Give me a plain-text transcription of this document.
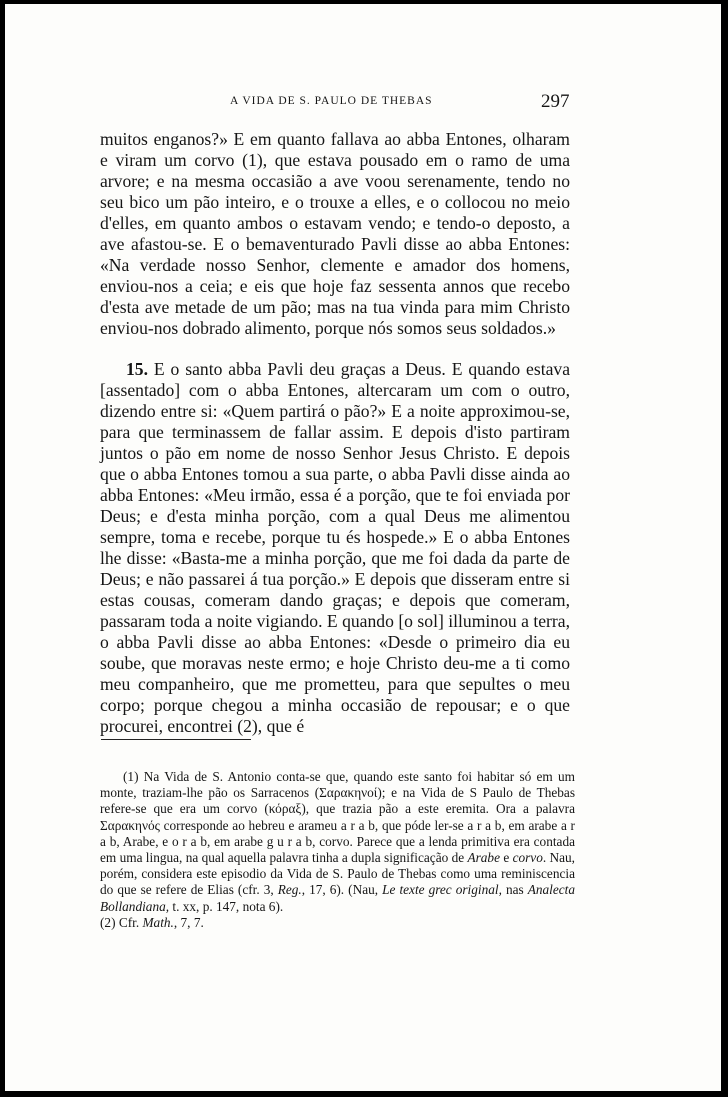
A VIDA DE S. PAULO DE THEBAS	297

muitos enganos?» E em quanto fallava ao abba Entones, olharam e viram um corvo (1), que estava pousado em o ramo de uma arvore; e na mesma occasião a ave voou serenamente, tendo no seu bico um pão inteiro, e o trouxe a elles, e o collocou no meio d'elles, em quanto ambos o estavam vendo; e tendo-o deposto, a ave afastou-se. E o bemaventurado Pavli disse ao abba Entones: «Na verdade nosso Senhor, clemente e amador dos homens, enviou-nos a ceia; e eis que hoje faz sessenta annos que recebo d'esta ave metade de um pão; mas na tua vinda para mim Christo enviou-nos dobrado alimento, porque nós somos seus soldados.»

15. E o santo abba Pavli deu graças a Deus. E quando estava [assentado] com o abba Entones, altercaram um com o outro, dizendo entre si: «Quem partirá o pão?» E a noite approximou-se, para que terminassem de fallar assim. E depois d'isto partiram juntos o pão em nome de nosso Senhor Jesus Christo. E depois que o abba Entones tomou a sua parte, o abba Pavli disse ainda ao abba Entones: «Meu irmão, essa é a porção, que te foi enviada por Deus; e d'esta minha porção, com a qual Deus me alimentou sempre, toma e recebe, porque tu és hospede.» E o abba Entones lhe disse: «Basta-me a minha porção, que me foi dada da parte de Deus; e não passarei á tua porção.» E depois que disseram entre si estas cousas, comeram dando graças; e depois que comeram, passaram toda a noite vigiando. E quando [o sol] illuminou a terra, o abba Pavli disse ao abba Entones: «Desde o primeiro dia eu soube, que moravas neste ermo; e hoje Christo deu-me a ti como meu companheiro, que me prometteu, para que sepultes o meu corpo; porque chegou a minha occasião de repousar; e o que procurei, encontrei (2), que é

(1) Na Vida de S. Antonio conta-se que, quando este santo foi habitar só em um monte, traziam-lhe pão os Sarracenos (Σαρακηνοί); e na Vida de S Paulo de Thebas refere-se que era um corvo (κόραξ), que trazia pão a este eremita. Ora a palavra Σαρακηνός corresponde ao hebreu e arameu a r a b, que póde ler-se a r a b, em arabe a r a b, Arabe, e o r a b, em arabe g u r a b, corvo. Parece que a lenda primitiva era contada em uma lingua, na qual aquella palavra tinha a dupla significação de Arabe e corvo. Nau, porém, considera este episodio da Vida de S. Paulo de Thebas como uma reminiscencia do que se refere de Elias (cfr. 3, Reg., 17, 6). (Nau, Le texte grec original, nas Analecta Bollandiana, t. xx, p. 147, nota 6).

(2) Cfr. Math., 7, 7.
